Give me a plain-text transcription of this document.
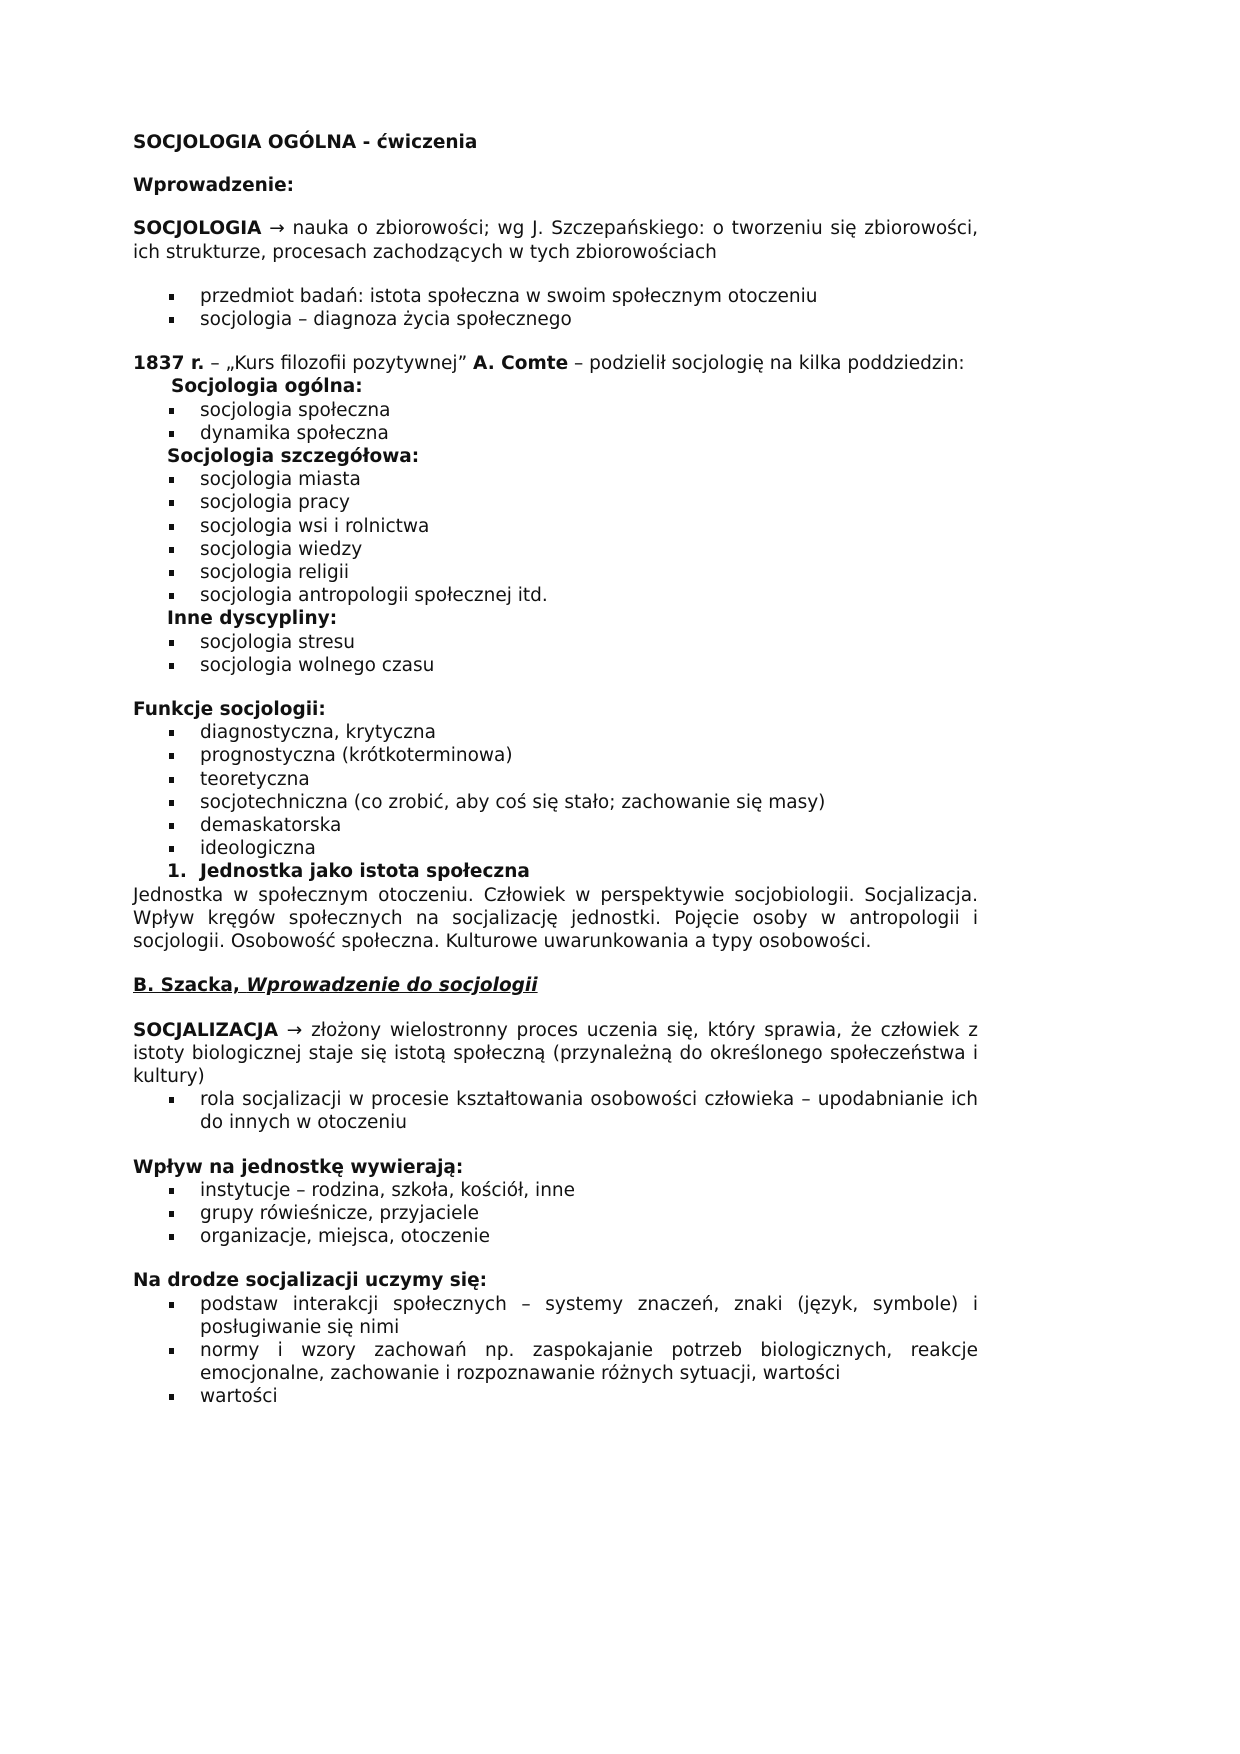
SOCJOLOGIA OGÓLNA - ćwiczenia

Wprowadzenie:

SOCJOLOGIA → nauka o zbiorowości; wg J. Szczepańskiego: o tworzeniu się zbiorowości, ich strukturze, procesach zachodzących w tych zbiorowościach

przedmiot badań: istota społeczna w swoim społecznym otoczeniu
socjologia – diagnoza życia społecznego

1837 r. – „Kurs filozofii pozytywnej” A. Comte – podzielił socjologię na kilka poddziedzin:

Socjologia ogólna:

socjologia społeczna
dynamika społeczna

Socjologia szczegółowa:

socjologia miasta
socjologia pracy
socjologia wsi i rolnictwa
socjologia wiedzy
socjologia religii
socjologia antropologii społecznej itd.

Inne dyscypliny:

socjologia stresu
socjologia wolnego czasu

Funkcje socjologii:

diagnostyczna, krytyczna
prognostyczna (krótkoterminowa)
teoretyczna
socjotechniczna (co zrobić, aby coś się stało; zachowanie się masy)
demaskatorska
ideologiczna

1. Jednostka jako istota społeczna

Jednostka w społecznym otoczeniu. Człowiek w perspektywie socjobiologii. Socjalizacja. Wpływ kręgów społecznych na socjalizację jednostki. Pojęcie osoby w antropologii i socjologii. Osobowość społeczna. Kulturowe uwarunkowania a typy osobowości.

B. Szacka, Wprowadzenie do socjologii

SOCJALIZACJA → złożony wielostronny proces uczenia się, który sprawia, że człowiek z istoty biologicznej staje się istotą społeczną (przynależną do określonego społeczeństwa i kultury)

rola socjalizacji w procesie kształtowania osobowości człowieka – upodabnianie ich do innych w otoczeniu

Wpływ na jednostkę wywierają:

instytucje – rodzina, szkoła, kościół, inne
grupy rówieśnicze, przyjaciele
organizacje, miejsca, otoczenie

Na drodze socjalizacji uczymy się:

podstaw interakcji społecznych – systemy znaczeń, znaki (język, symbole) i posługiwanie się nimi
normy i wzory zachowań np. zaspokajanie potrzeb biologicznych, reakcje emocjonalne, zachowanie i rozpoznawanie różnych sytuacji, wartości
wartości
